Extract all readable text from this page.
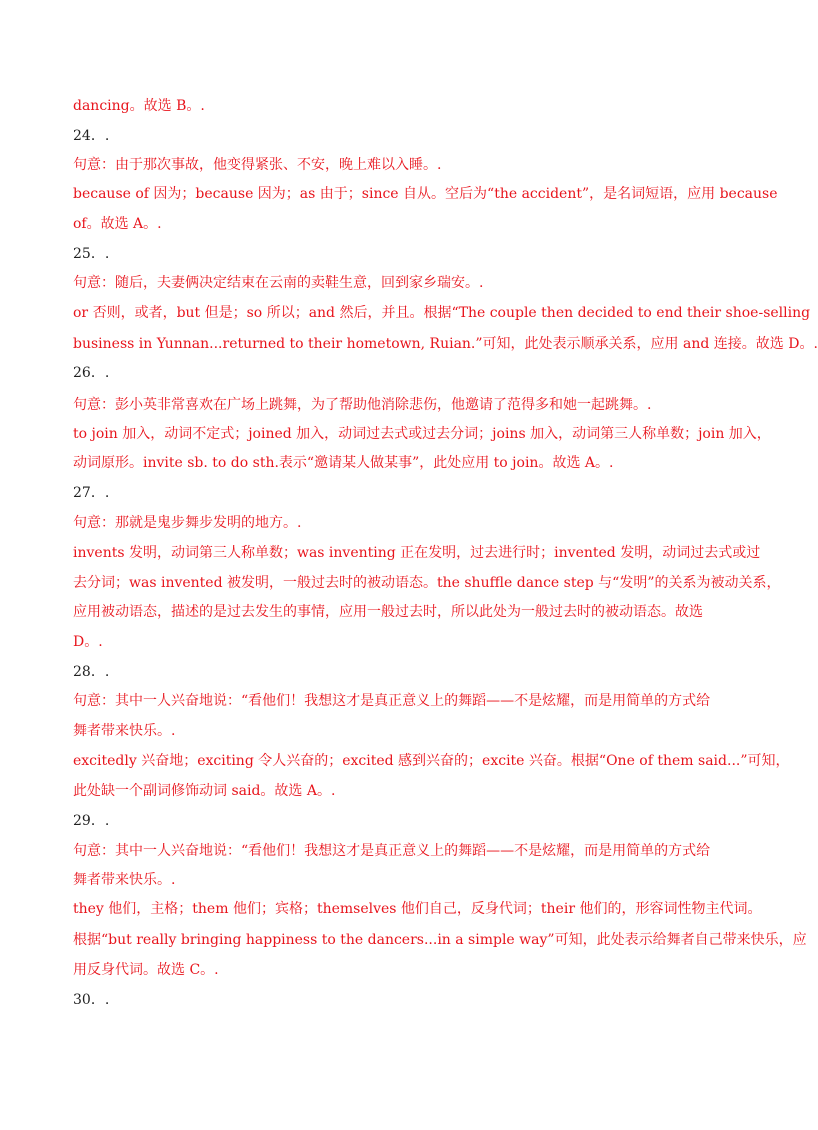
dancing。故选 B。.
24．.
句意：由于那次事故，他变得紧张、不安，晚上难以入睡。.
because of 因为；because 因为；as 由于；since 自从。空后为“the accident”，是名词短语，应用 because
of。故选 A。.
25．.
句意：随后，夫妻俩决定结束在云南的卖鞋生意，回到家乡瑞安。.
or 否则，或者，but 但是；so 所以；and 然后，并且。根据“The couple then decided to end their shoe-selling
business in Yunnan...returned to their hometown, Ruian.”可知，此处表示顺承关系，应用 and 连接。故选 D。.
26．.
句意：彭小英非常喜欢在广场上跳舞，为了帮助他消除悲伤，他邀请了范得多和她一起跳舞。.
to join 加入，动词不定式；joined 加入，动词过去式或过去分词；joins 加入，动词第三人称单数；join 加入，
动词原形。invite sb. to do sth.表示“邀请某人做某事”，此处应用 to join。故选 A。.
27．.
句意：那就是鬼步舞步发明的地方。.
invents 发明，动词第三人称单数；was inventing 正在发明，过去进行时；invented 发明，动词过去式或过
去分词；was invented 被发明，一般过去时的被动语态。the shuffle dance step 与“发明”的关系为被动关系，
应用被动语态，描述的是过去发生的事情，应用一般过去时，所以此处为一般过去时的被动语态。故选
D。.
28．.
句意：其中一人兴奋地说：“看他们！我想这才是真正意义上的舞蹈——不是炫耀，而是用简单的方式给
舞者带来快乐。.
excitedly 兴奋地；exciting 令人兴奋的；excited 感到兴奋的；excite 兴奋。根据“One of them said...”可知，
此处缺一个副词修饰动词 said。故选 A。.
29．.
句意：其中一人兴奋地说：“看他们！我想这才是真正意义上的舞蹈——不是炫耀，而是用简单的方式给
舞者带来快乐。.
they 他们，主格；them 他们；宾格；themselves 他们自己，反身代词；their 他们的，形容词性物主代词。
根据“but really bringing happiness to the dancers...in a simple way”可知，此处表示给舞者自己带来快乐，应
用反身代词。故选 C。.
30．.
